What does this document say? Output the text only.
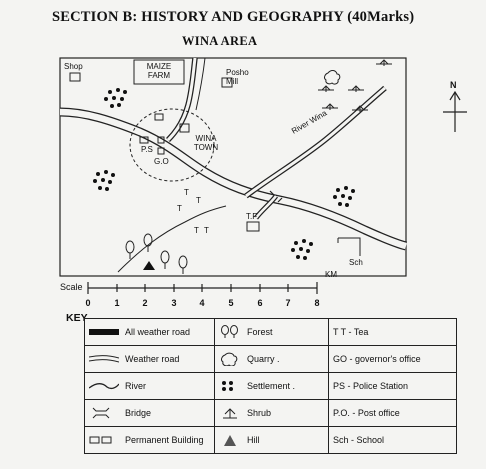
SECTION B: HISTORY AND GEOGRAPHY (40Marks)
WINA AREA
Shop	MAIZE
FARM	Posho
Mill
P.S
G.O
WINA
TOWN
River Wina
T.F
Sch
N
T
T
T
T T
Scale
KM
0	1	2	3	4	5	6	7	8
KEY
All weather road	Forest	T T - Tea

Weather road	Quarry .	GO - governor's office

River	Settlement .	PS - Police Station

Bridge	Shrub	P.O. - Post office

Permanent Building	Hill	Sch - School
